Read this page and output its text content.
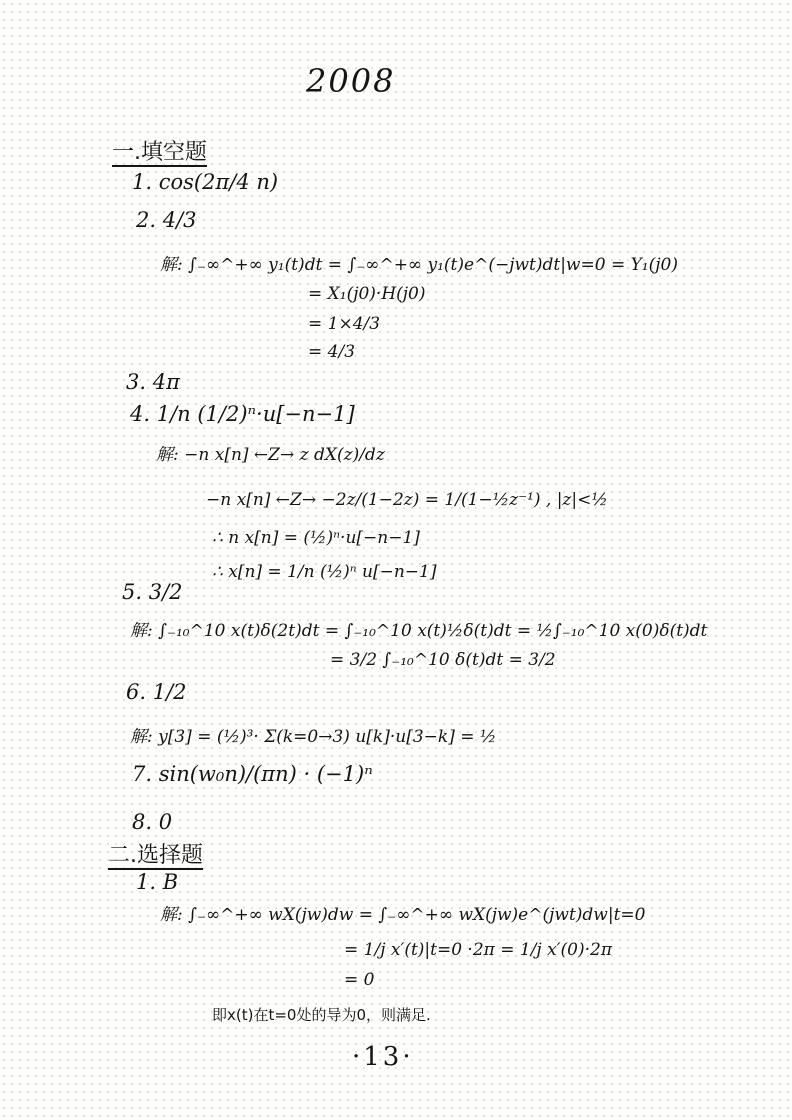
2008
一.填空题
1. cos(2π/4 n)
2. 4/3
解: ∫₋∞^+∞ y₁(t)dt = ∫₋∞^+∞ y₁(t)e^(−jwt)dt|w=0 = Y₁(j0)
= X₁(j0)·H(j0)
= 1×4/3
= 4/3
3. 4π
4. 1/n (1/2)ⁿ·u[−n−1]
解: −n x[n] ←Z→ z dX(z)/dz
−n x[n] ←Z→ −2z/(1−2z) = 1/(1−½z⁻¹) , |z|<½
∴ n x[n] = (½)ⁿ·u[−n−1]
∴ x[n] = 1/n (½)ⁿ u[−n−1]
5. 3/2
解: ∫₋₁₀^10 x(t)δ(2t)dt = ∫₋₁₀^10 x(t)½δ(t)dt = ½∫₋₁₀^10 x(0)δ(t)dt
= 3/2 ∫₋₁₀^10 δ(t)dt = 3/2
6. 1/2
解: y[3] = (½)³· Σ(k=0→3) u[k]·u[3−k] = ½
7. sin(w₀n)/(πn) · (−1)ⁿ
8. 0
二.选择题
1. B
解: ∫₋∞^+∞ wX(jw)dw = ∫₋∞^+∞ wX(jw)e^(jwt)dw|t=0
= 1/j x′(t)|t=0 ·2π = 1/j x′(0)·2π
= 0
即x(t)在t=0处的导为0，则满足.
·13·
